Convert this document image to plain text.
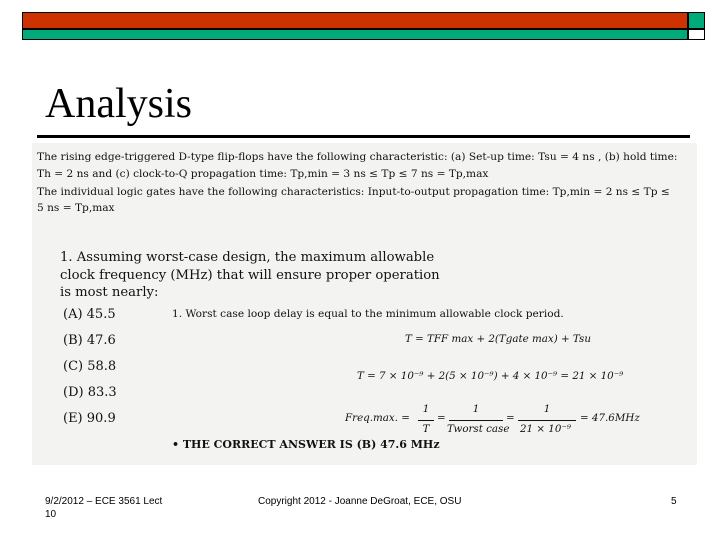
Analysis
The rising edge-triggered D-type flip-flops have the following characteristic: (a) Set-up time: Tsu = 4 ns , (b) hold time:
Th = 2 ns and (c) clock-to-Q propagation time: Tp,min = 3 ns ≤ Tp ≤ 7 ns = Tp,max
The individual logic gates have the following characteristics: Input-to-output propagation time: Tp,min = 2 ns ≤ Tp ≤
5 ns = Tp,max
1. Assuming worst-case design, the maximum allowable
clock frequency (MHz) that will ensure proper operation
is most nearly:
(A) 45.5
(B) 47.6
(C) 58.8
(D) 83.3
(E) 90.9
1. Worst case loop delay is equal to the minimum allowable clock period.
T = TFF max + 2(Tgate max) + Tsu
T = 7 × 10⁻⁹ + 2(5 × 10⁻⁹) + 4 × 10⁻⁹ = 21 × 10⁻⁹
Freq.max. =
1
T
=
1
Tworst case
=
1
21 × 10⁻⁹
= 47.6MHz
• THE CORRECT ANSWER IS (B) 47.6 MHz
9/2/2012 – ECE 3561 Lect
10
Copyright 2012 - Joanne DeGroat, ECE, OSU	5
